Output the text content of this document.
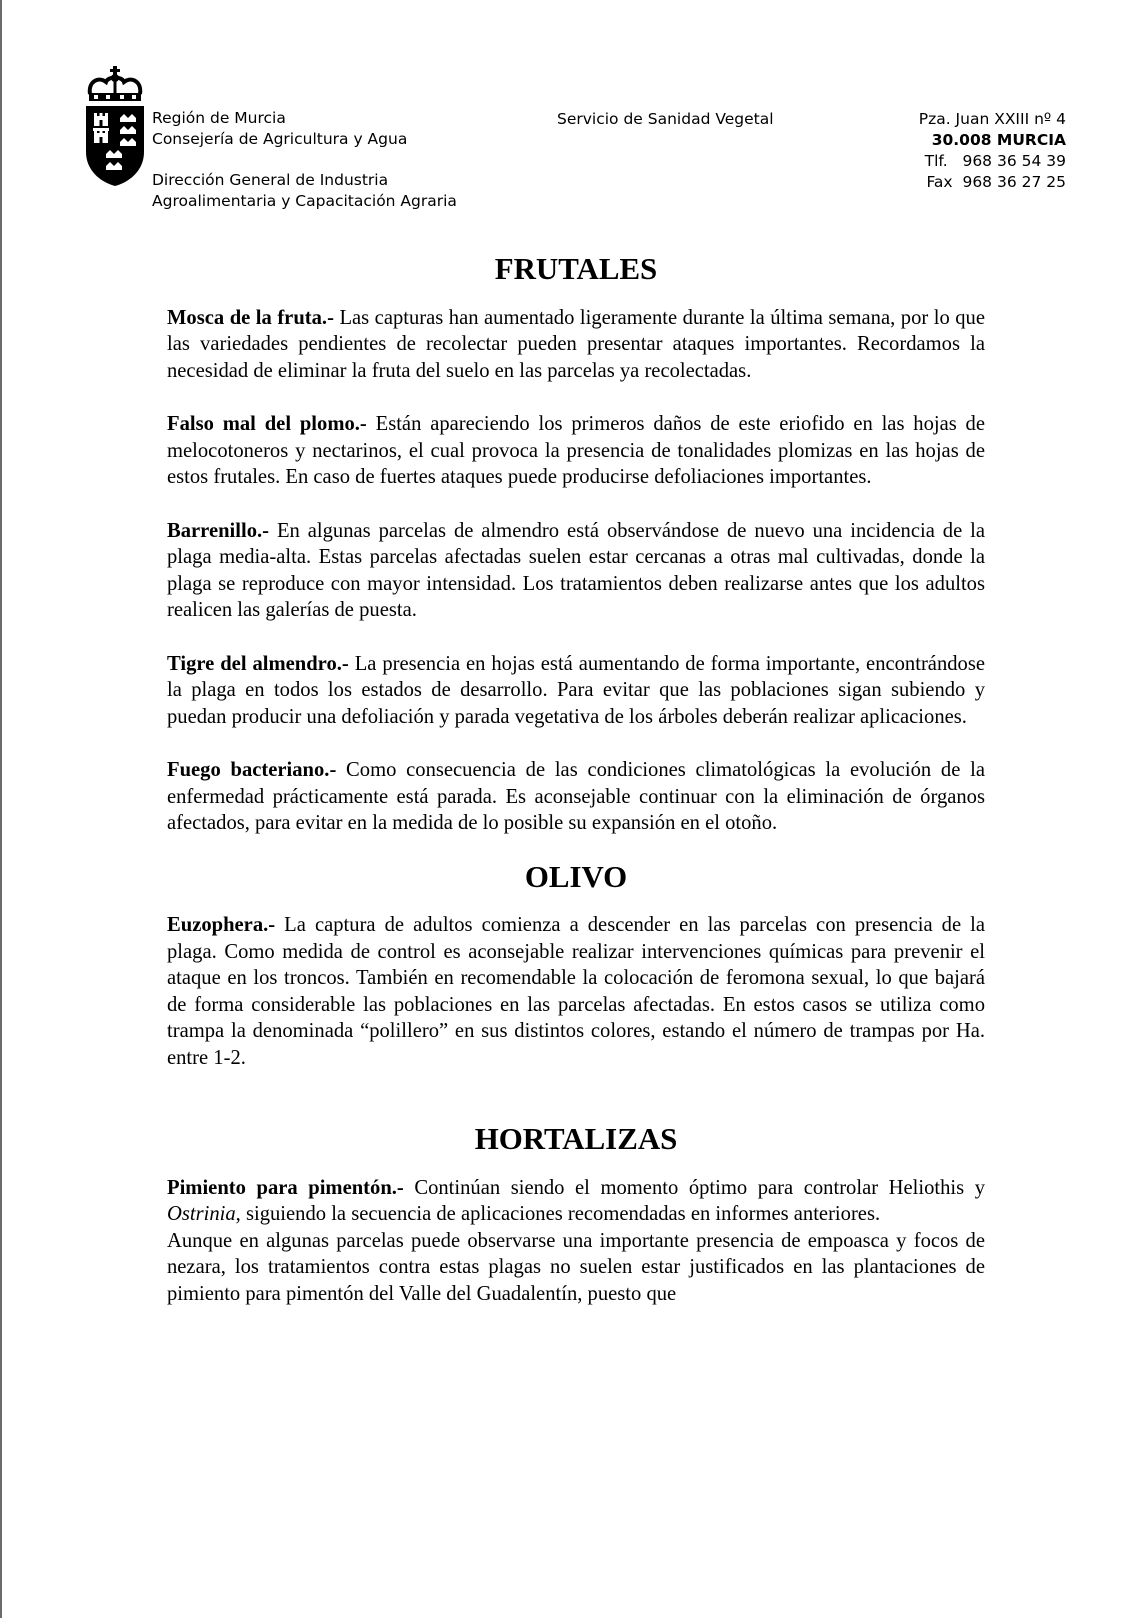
Región de Murcia
Consejería de Agricultura y Agua
Dirección General de Industria
Agroalimentaria y Capacitación Agraria
Servicio de Sanidad Vegetal	Pza. Juan XXIII nº 4
30.008 MURCIA
Tlf.   968 36 54 39
Fax  968 36 27 25
FRUTALES

Mosca de la fruta.- Las capturas han aumentado ligeramente durante la última semana, por lo que las variedades pendientes de recolectar pueden presentar ataques importantes. Recordamos la necesidad de eliminar la fruta del suelo en las parcelas ya recolectadas.

Falso mal del plomo.- Están apareciendo los primeros daños de este eriofido en las hojas de melocotoneros y nectarinos, el cual provoca la presencia de tonalidades plomizas en las hojas de estos frutales. En caso de fuertes ataques puede producirse defoliaciones importantes.

Barrenillo.- En algunas parcelas de almendro está observándose de nuevo una incidencia de la plaga media-alta. Estas parcelas afectadas suelen estar cercanas a otras mal cultivadas, donde la plaga se reproduce con mayor intensidad. Los tratamientos deben realizarse antes que los adultos realicen las galerías de puesta.

Tigre del almendro.- La presencia en hojas está aumentando de forma importante, encontrándose la plaga en todos los estados de desarrollo. Para evitar que las poblaciones sigan subiendo y puedan producir una defoliación y parada vegetativa de los árboles deberán realizar aplicaciones.

Fuego bacteriano.- Como consecuencia de las condiciones climatológicas la evolución de la enfermedad prácticamente está parada. Es aconsejable continuar con la eliminación de órganos afectados, para evitar en la medida de lo posible su expansión en el otoño.

OLIVO

Euzophera.- La captura de adultos comienza a descender en las parcelas con presencia de la plaga. Como medida de control es aconsejable realizar intervenciones químicas para prevenir el ataque en los troncos. También en recomendable la colocación de feromona sexual, lo que bajará de forma considerable las poblaciones en las parcelas afectadas. En estos casos se utiliza como trampa la denominada “polillero” en sus distintos colores, estando el número de trampas por Ha. entre 1-2.

HORTALIZAS

Pimiento para pimentón.- Continúan siendo el momento óptimo para controlar Heliothis y Ostrinia, siguiendo la secuencia de aplicaciones recomendadas en informes anteriores.

Aunque en algunas parcelas puede observarse una importante presencia de empoasca y focos de nezara, los tratamientos contra estas plagas no suelen estar justificados en las plantaciones de pimiento para pimentón del Valle del Guadalentín, puesto que
